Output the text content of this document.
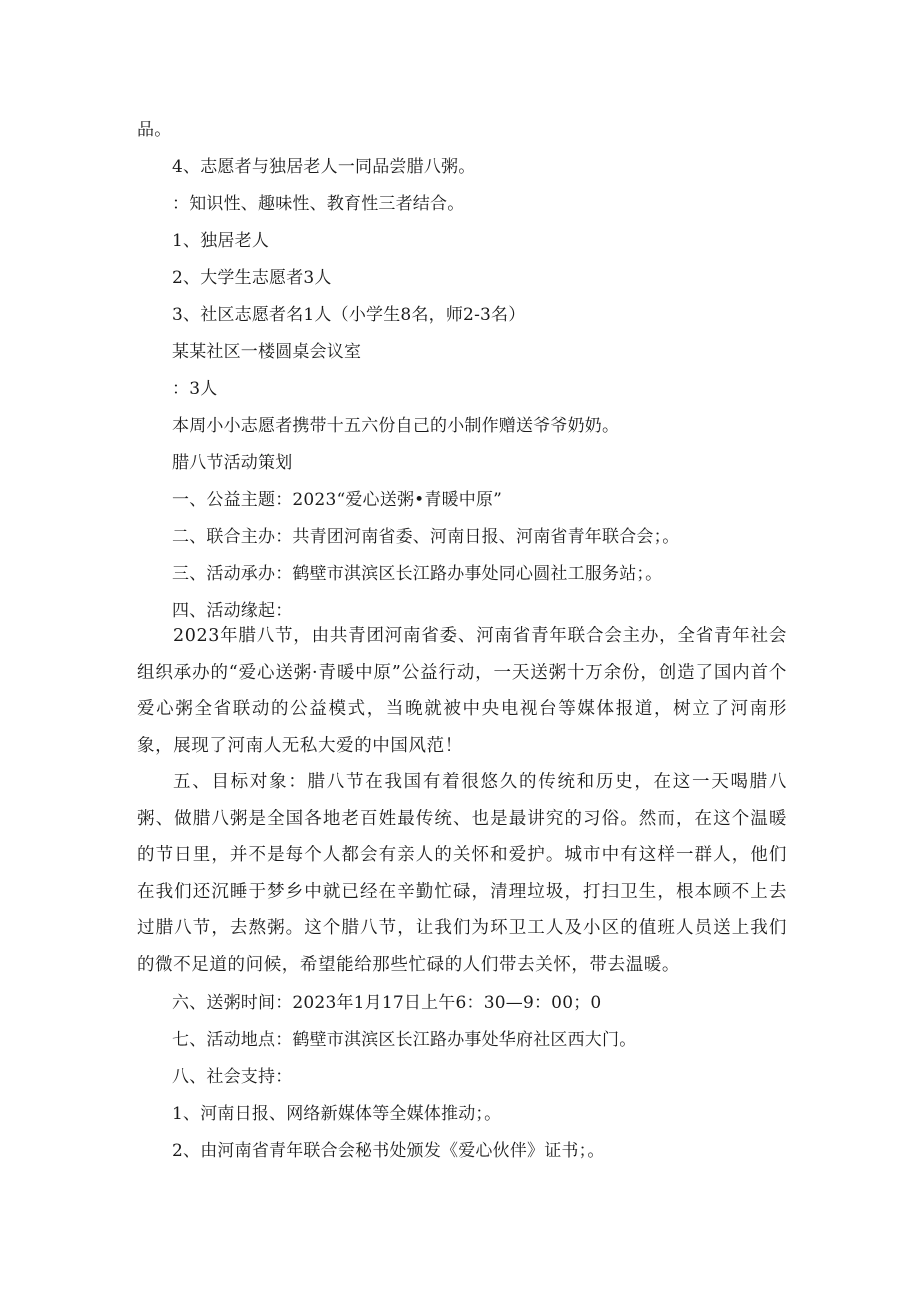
品。
4、志愿者与独居老人一同品尝腊八粥。
：知识性、趣味性、教育性三者结合。
1、独居老人
2、大学生志愿者3人
3、社区志愿者名1人（小学生8名，师2-3名）
某某社区一楼圆桌会议室
：3人
本周小小志愿者携带十五六份自己的小制作赠送爷爷奶奶。
腊八节活动策划
一、公益主题：2023“爱心送粥•青暖中原”
二、联合主办：共青团河南省委、河南日报、河南省青年联合会；。
三、活动承办：鹤壁市淇滨区长江路办事处同心圆社工服务站；。
四、活动缘起：
2023年腊八节，由共青团河南省委、河南省青年联合会主办，全省青年社会组织承办的“爱心送粥·青暖中原”公益行动，一天送粥十万余份，创造了国内首个爱心粥全省联动的公益模式，当晚就被中央电视台等媒体报道，树立了河南形象，展现了河南人无私大爱的中国风范！
五、目标对象：腊八节在我国有着很悠久的传统和历史，在这一天喝腊八粥、做腊八粥是全国各地老百姓最传统、也是最讲究的习俗。然而，在这个温暖的节日里，并不是每个人都会有亲人的关怀和爱护。城市中有这样一群人，他们在我们还沉睡于梦乡中就已经在辛勤忙碌，清理垃圾，打扫卫生，根本顾不上去过腊八节，去熬粥。这个腊八节，让我们为环卫工人及小区的值班人员送上我们的微不足道的问候，希望能给那些忙碌的人们带去关怀，带去温暖。
六、送粥时间：2023年1月17日上午6：30—9：00；0
七、活动地点：鹤壁市淇滨区长江路办事处华府社区西大门。
八、社会支持：
1、河南日报、网络新媒体等全媒体推动；。
2、由河南省青年联合会秘书处颁发《爱心伙伴》证书；。
